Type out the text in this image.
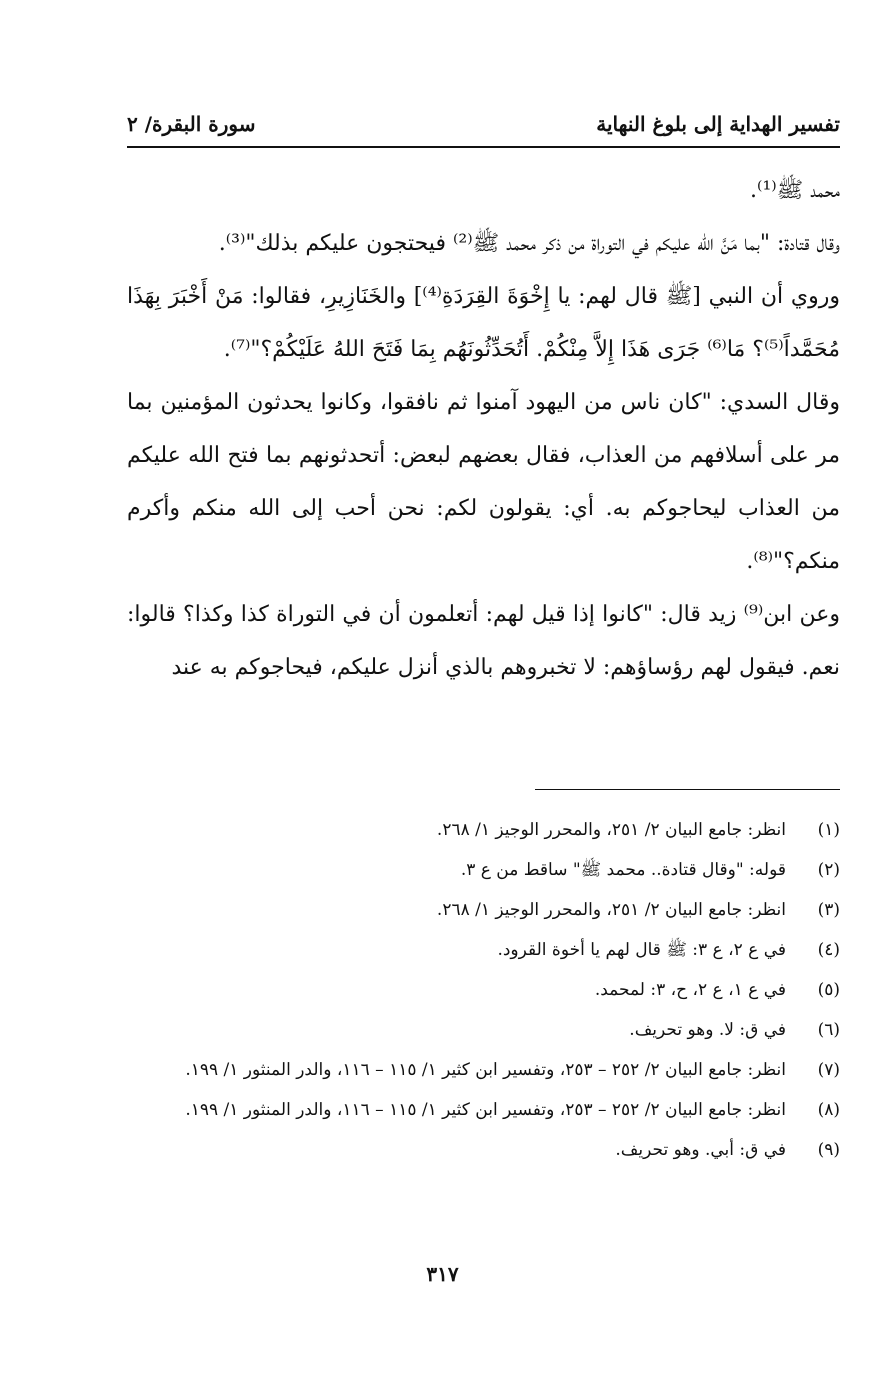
تفسير الهداية إلى بلوغ النهاية
سورة البقرة/ ٢

محمد ﷺ⁽¹⁾.

وقال قتادة: "بما مَنَّ الله عليكم في التوراة من ذكر محمد ﷺ⁽²⁾ فيحتجون عليكم بذلك"⁽³⁾.

وروي أن النبي [ﷺ قال لهم: يا إِخْوَةَ القِرَدَةِ⁽⁴⁾] والخَنَازِيرِ، فقالوا: مَنْ أَخْبَرَ بِهَذَا مُحَمَّداً⁽⁵⁾؟ مَا⁽⁶⁾ جَرَى هَذَا إِلاَّ مِنْكُمْ. أَتُحَدِّثُونَهُم بِمَا فَتَحَ اللهُ عَلَيْكُمْ؟"⁽⁷⁾.

وقال السدي: "كان ناس من اليهود آمنوا ثم نافقوا، وكانوا يحدثون المؤمنين بما مر على أسلافهم من العذاب، فقال بعضهم لبعض: أتحدثونهم بما فتح الله عليكم من العذاب ليحاجوكم به. أي: يقولون لكم: نحن أحب إلى الله منكم وأكرم منكم؟"⁽⁸⁾.

وعن ابن⁽⁹⁾ زيد قال: "كانوا إذا قيل لهم: أتعلمون أن في التوراة كذا وكذا؟ قالوا: نعم. فيقول لهم رؤساؤهم: لا تخبروهم بالذي أنزل عليكم، فيحاجوكم به عند

(١)
انظر: جامع البيان ٢/ ٢٥١، والمحرر الوجيز ١/ ٢٦٨.
(٢)
قوله: "وقال قتادة.. محمد ﷺ" ساقط من ع ٣.
(٣)
انظر: جامع البيان ٢/ ٢٥١، والمحرر الوجيز ١/ ٢٦٨.
(٤)
في ع ٢، ع ٣: ﷺ قال لهم يا أخوة القرود.
(٥)
في ع ١، ع ٢، ح، ٣: لمحمد.
(٦)
في ق: لا. وهو تحريف.
(٧)
انظر: جامع البيان ٢/ ٢٥٢ – ٢٥٣، وتفسير ابن كثير ١/ ١١٥ – ١١٦، والدر المنثور ١/ ١٩٩.
(٨)
انظر: جامع البيان ٢/ ٢٥٢ – ٢٥٣، وتفسير ابن كثير ١/ ١١٥ – ١١٦، والدر المنثور ١/ ١٩٩.
(٩)
في ق: أبي. وهو تحريف.
٣١٧
